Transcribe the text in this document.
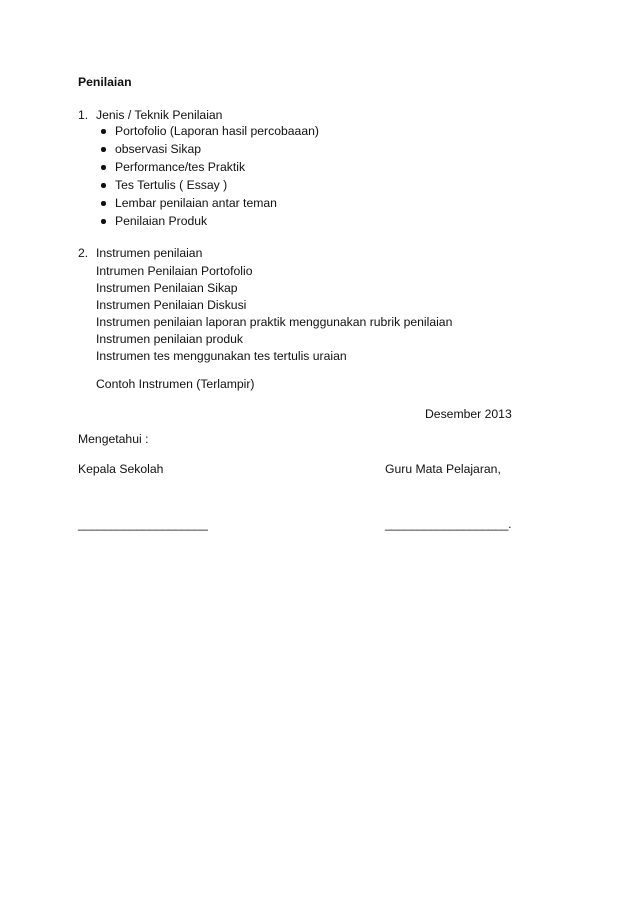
Penilaian
1. Jenis / Teknik Penilaian
Portofolio (Laporan hasil percobaaan)
observasi Sikap
Performance/tes Praktik
Tes Tertulis ( Essay )
Lembar penilaian antar teman
Penilaian Produk
2. Instrumen penilaian
Intrumen Penilaian Portofolio
Instrumen Penilaian Sikap
Instrumen Penilaian Diskusi
Instrumen penilaian laporan praktik menggunakan rubrik penilaian
Instrumen penilaian produk
Instrumen tes menggunakan tes tertulis uraian
Contoh Instrumen (Terlampir)
Desember 2013
Mengetahui :
Kepala Sekolah	Guru Mata Pelajaran,
____________________	___________________.
